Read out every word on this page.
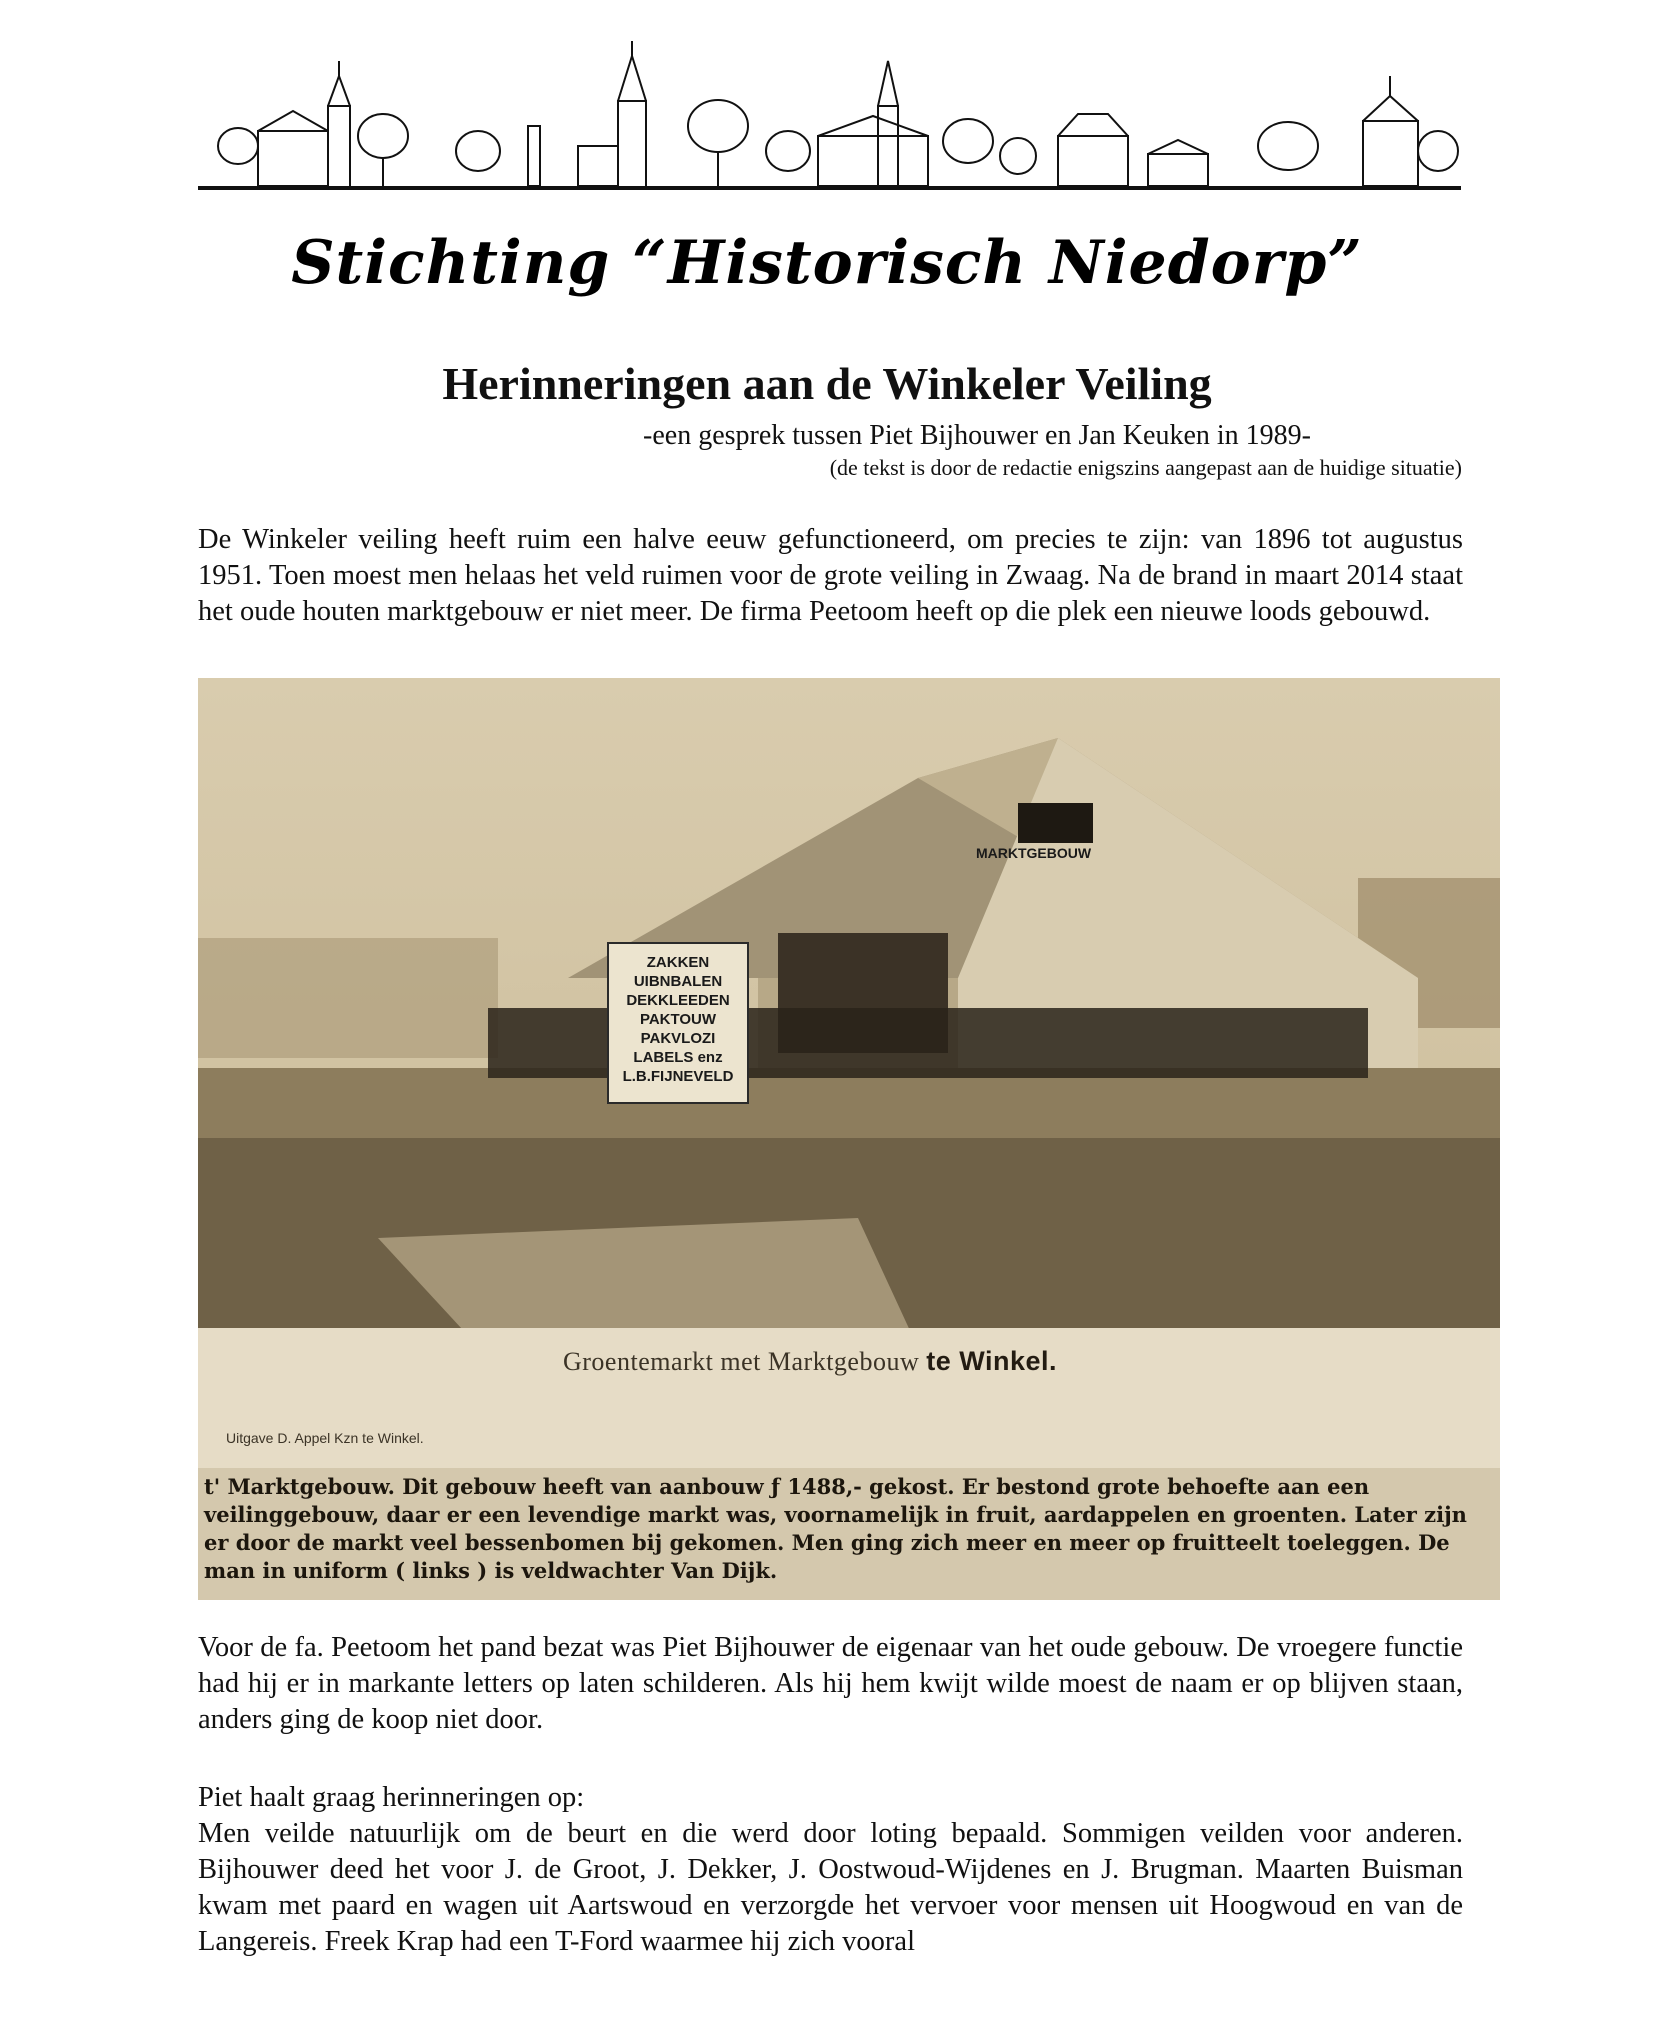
Stichting “Historisch Niedorp”
Herinneringen aan de Winkeler Veiling
-een gesprek tussen Piet Bijhouwer en Jan Keuken in 1989-
(de tekst is door de redactie enigszins aangepast aan de huidige situatie)
De Winkeler veiling heeft ruim een halve eeuw gefunctioneerd, om precies te zijn: van 1896 tot augustus 1951. Toen moest men helaas het veld ruimen voor de grote veiling in Zwaag. Na de brand in maart 2014 staat het oude houten marktgebouw er niet meer. De firma Peetoom heeft op die plek een nieuwe loods gebouwd.
MARKTGEBOUW
ZAKKEN
UIBNBALEN
DEKKLEEDEN
PAKTOUW
PAKVLOZI
LABELS enz
L.B.FIJNEVELD
Groentemarkt met Marktgebouw te Winkel.
Uitgave D. Appel Kzn te Winkel.
t' Marktgebouw. Dit gebouw heeft van aanbouw ƒ 1488,- gekost. Er bestond grote behoefte aan een veilinggebouw, daar er een levendige markt was, voornamelijk in fruit, aardappelen en groenten. Later zijn er door de markt veel bessenbomen bij gekomen. Men ging zich meer en meer op fruitteelt toeleggen. De man in uniform ( links ) is veldwachter Van Dijk.
Voor de fa. Peetoom het pand bezat was Piet Bijhouwer de eigenaar van het oude gebouw. De vroegere functie had hij er in markante letters op laten schilderen. Als hij hem kwijt wilde moest de naam er op blijven staan, anders ging de koop niet door.
Piet haalt graag herinneringen op:
Men veilde natuurlijk om de beurt en die werd door loting bepaald. Sommigen veilden voor anderen. Bijhouwer deed het voor J. de Groot, J. Dekker, J. Oostwoud-Wijdenes en J. Brugman. Maarten Buisman kwam met paard en wagen uit Aartswoud en verzorgde het vervoer voor mensen uit Hoogwoud en van de Langereis. Freek Krap had een T-Ford waarmee hij zich vooral
